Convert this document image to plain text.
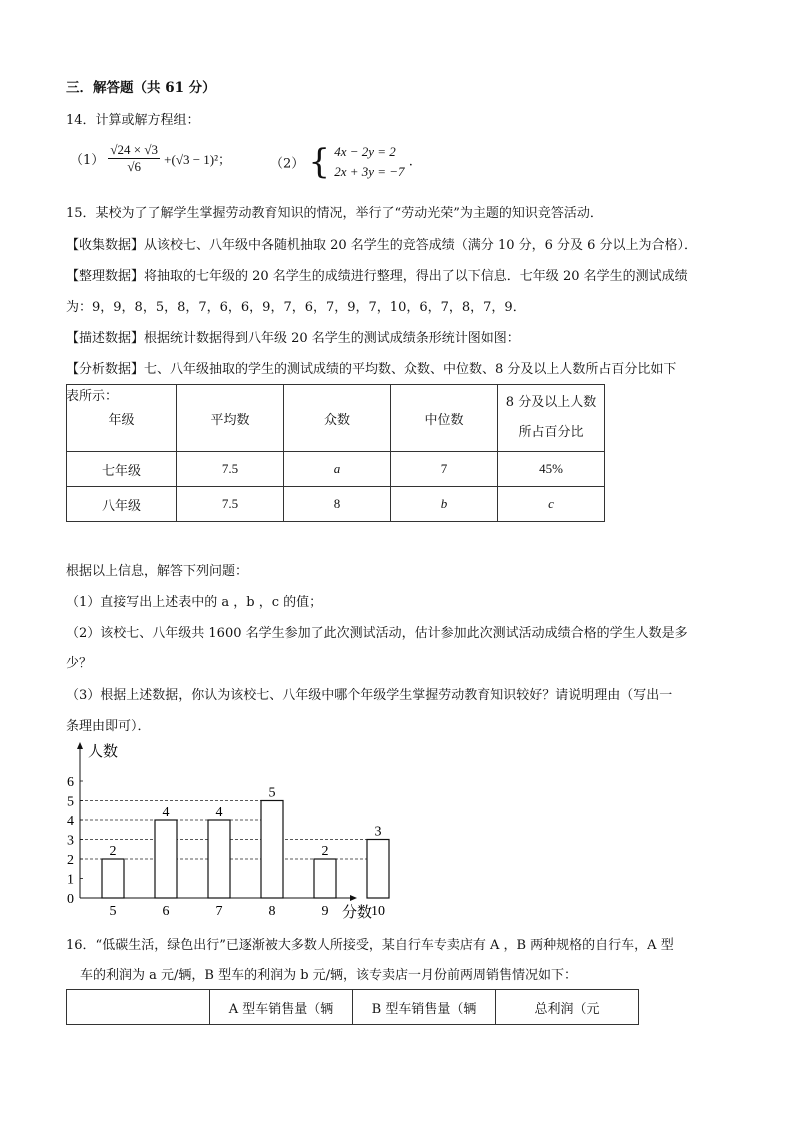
三．解答题（共 61 分）
14．计算或解方程组：
$(1) \frac{√24 \times √3}{√6} +(√3 - 1)^2$；	（2） { 4x − 2y = 2
2x + 3y = −7
.
15．某校为了了解学生掌握劳动教育知识的情况，举行了“劳动光荣”为主题的知识竞答活动．
【收集数据】从该校七、八年级中各随机抽取 20 名学生的竞答成绩（满分 10 分，6 分及 6 分以上为合格）．
【整理数据】将抽取的七年级的 20 名学生的成绩进行整理，得出了以下信息．七年级 20 名学生的测试成绩
为：9，9，8，5，8，7，6，6，9，7，6，7，9，7，10，6，7，8，7，9．
【描述数据】根据统计数据得到八年级 20 名学生的测试成绩条形统计图如图：
【分析数据】七、八年级抽取的学生的测试成绩的平均数、众数、中位数、8 分及以上人数所占百分比如下
表所示：
年级	平均数	众数	中位数	8 分及以上人数
所占百分比

七年级	7.5	a	7	45%
八年级	7.5	8	b	c
根据以上信息，解答下列问题：
（1）直接写出上述表中的 a ，b ，c 的值；
（2）该校七、八年级共 1600 名学生参加了此次测试活动，估计参加此次测试活动成绩合格的学生人数是多
少？
（3）根据上述数据，你认为该校七、八年级中哪个年级学生掌握劳动教育知识较好？请说明理由（写出一
条理由即可）．
0
1
2
3
4
5
6
人数
2
5
4
6
4
7
5
8
2
9
3
10
分数
16．“低碳生活，绿色出行”已逐渐被大多数人所接受，某自行车专卖店有 A ，B 两种规格的自行车，A 型
车的利润为 a 元/辆，B 型车的利润为 b 元/辆，该专卖店一月份前两周销售情况如下：
	A 型车销售量（辆	B 型车销售量（辆	总利润（元
